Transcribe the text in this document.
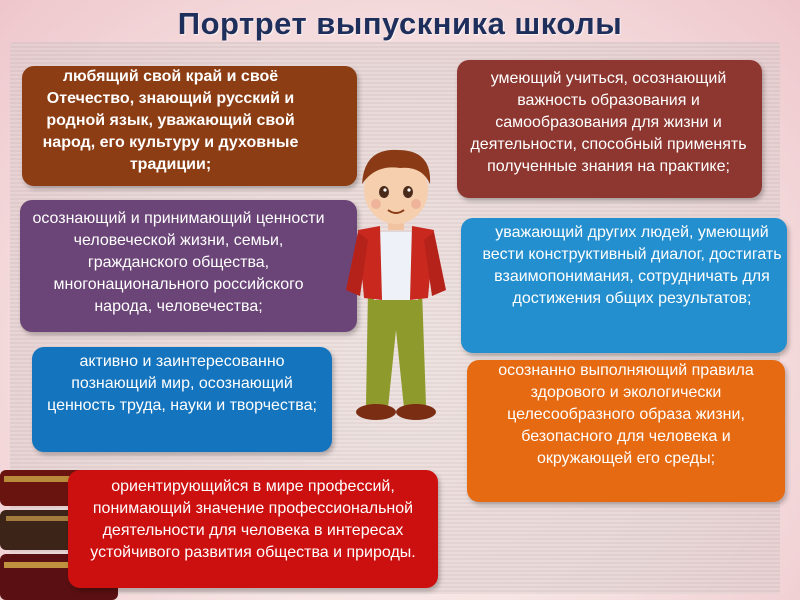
Портрет выпускника школы
любящий свой край и своё Отечество, знающий русский и родной язык, уважающий свой народ, его культуру и духовные традиции;
осознающий и принимающий ценности человеческой жизни, семьи, гражданского общества, многонационального российского народа, человечества;
активно и заинтересованно познающий мир, осознающий ценность труда, науки и творчества;
ориентирующийся в мире профессий, понимающий значение профессиональной деятельности для человека в интересах устойчивого развития общества и природы.
умеющий учиться, осознающий важность образования и самообразования для жизни и деятельности, способный применять полученные знания на практике;
уважающий других людей, умеющий вести конструктивный диалог, достигать взаимопонимания, сотрудничать для достижения общих результатов;
осознанно выполняющий правила здорового и экологически целесообразного образа жизни, безопасного для человека и окружающей его среды;
